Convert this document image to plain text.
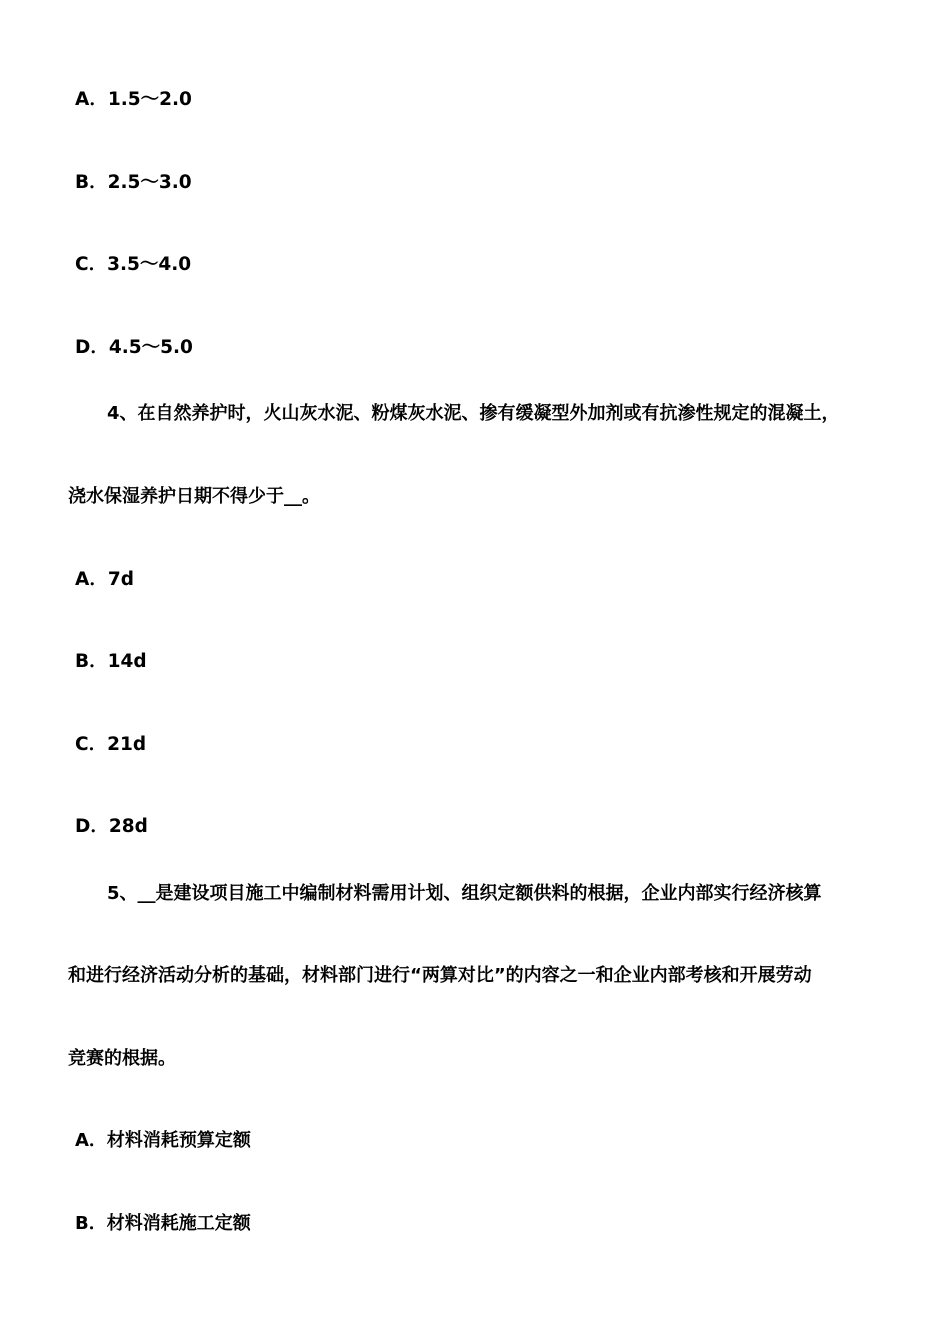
A．1.5～2.0
B．2.5～3.0
C．3.5～4.0
D．4.5～5.0
4、在自然养护时，火山灰水泥、粉煤灰水泥、掺有缓凝型外加剂或有抗渗性规定的混凝土，
浇水保湿养护日期不得少于__。
A．7d
B．14d
C．21d
D．28d
5、__是建设项目施工中编制材料需用计划、组织定额供料的根据，企业内部实行经济核算
和进行经济活动分析的基础，材料部门进行“两算对比”的内容之一和企业内部考核和开展劳动
竞赛的根据。
A．材料消耗预算定额
B．材料消耗施工定额
